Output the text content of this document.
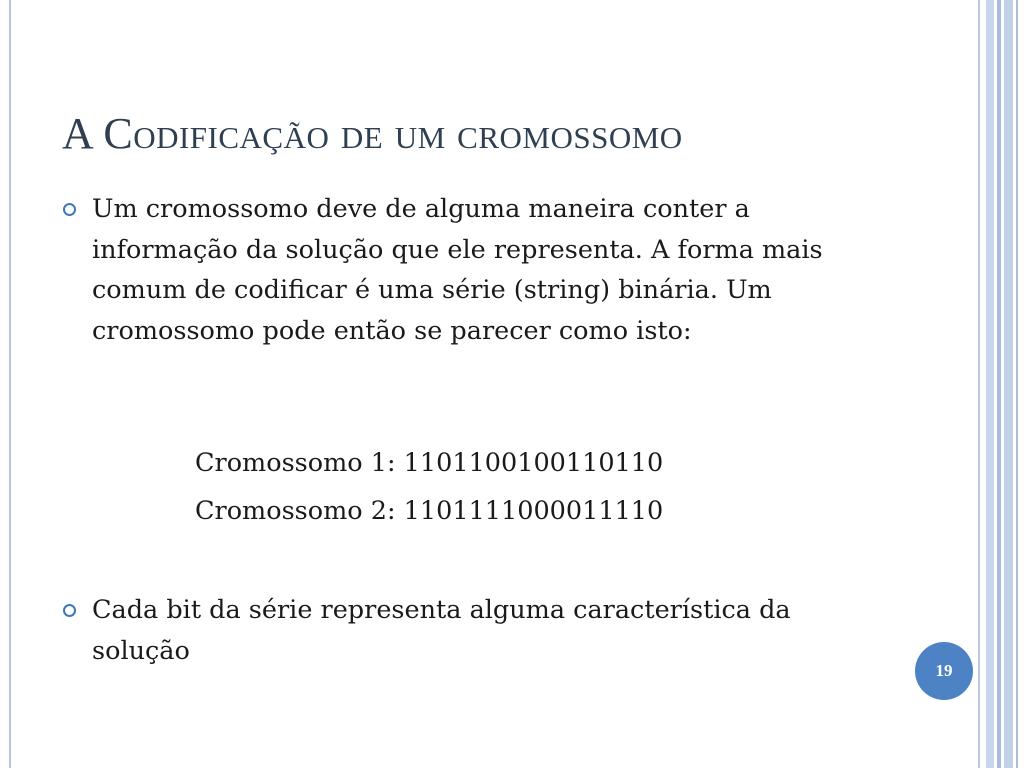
A Codificação de um cromossomo

Um cromossomo deve de alguma maneira conter a informação da solução que ele representa. A forma mais comum de codificar é uma série (string) binária. Um cromossomo pode então se parecer como isto:

Cromossomo 1: 1101100100110110

Cromossomo 2: 1101111000011110

Cada bit da série representa alguma característica da solução

19
